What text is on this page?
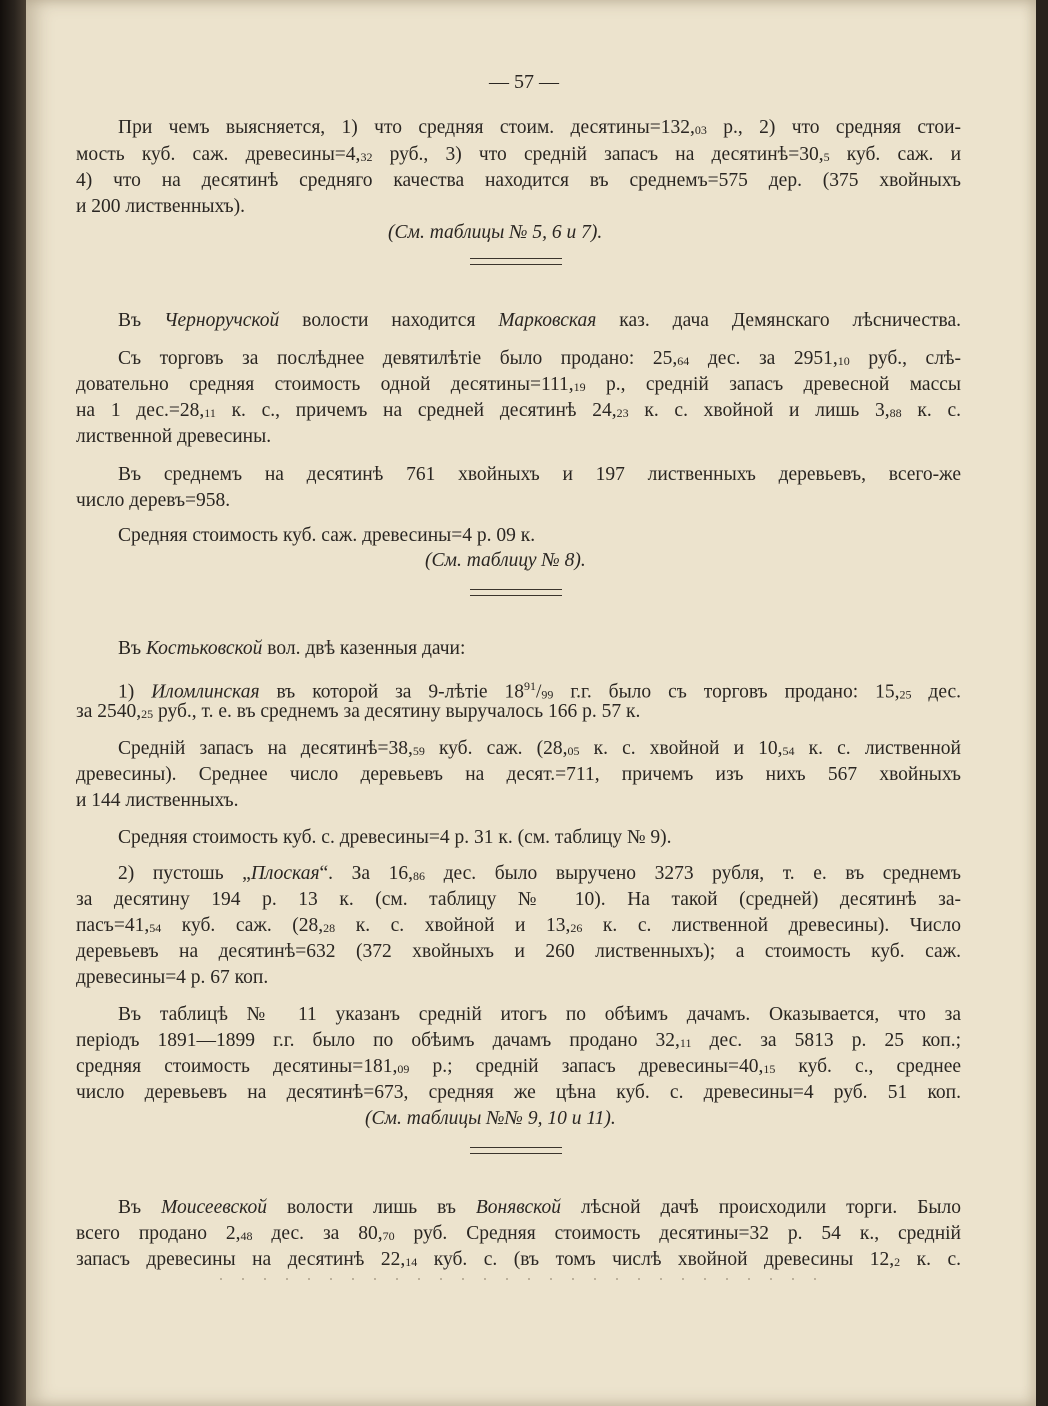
— 57 —
При чемъ выясняется, 1) что средняя стоим. $десятины=132,_{03}$ р., 2) что средняя стои-
мость куб. саж. $древесины=4,_{32}$ руб., 3) что средній запасъ на $десятинѣ=30,_5$ куб. саж. и
4) что на десятинѣ средняго качества находится въ среднемъ=575 дер. (375 хвойныхъ
и 200 лиственныхъ).
(См. таблицы № 5, 6 и 7).
Въ Черноручской волости находится Марковская каз. дача Демянскаго лѣсничества.
Съ торговъ за послѣднее девятилѣтіе было продано: $25,_{64}$ дес. за $2951,_{10}$ руб., слѣ-
довательно средняя стоимость одной $десятины=111,_{19}$ р., средній запасъ древесной массы
на 1 $дес.=28,_{11}$ к. с., причемъ на средней десятинѣ $24,_{23}$ к. с. хвойной и лишь $3,_{88}$ к. с.
лиственной древесины.
Въ среднемъ на десятинѣ 761 хвойныхъ и 197 лиственныхъ деревьевъ, всего-же
число деревъ=958.
Средняя стоимость куб. саж. древесины=4 р. 09 к.
(См. таблицу № 8).
Въ Костьковской вол. двѣ казенныя дачи:
1) Иломлинская въ которой за 9-лѣтіе $18^{91}/_{99}$ г.г. было съ торговъ продано: $15,_{25}$ дес.
за $2540,_{25}$ руб., т. е. въ среднемъ за десятину выручалось 166 р. 57 к.
Средній запасъ на $десятинѣ=38,_{59}$ куб. саж. ($28,_{05}$ к. с. хвойной и $10,_{54}$ к. с. лиственной
древесины). Среднее число деревьевъ на десят.=711, причемъ изъ нихъ 567 хвойныхъ
и 144 лиственныхъ.
Средняя стоимость куб. с. древесины=4 р. 31 к. (см. таблицу № 9).
2) пустошь „Плоская“. За $16,_{86}$ дес. было выручено 3273 рубля, т. е. въ среднемъ
за десятину 194 р. 13 к. (см. таблицу № 10). На такой (средней) десятинѣ за-
$пасъ=41,_{54}$ куб. саж. ($28,_{28}$ к. с. хвойной и $13,_{26}$ к. с. лиственной древесины). Число
деревьевъ на десятинѣ=632 (372 хвойныхъ и 260 лиственныхъ); а стоимость куб. саж.
древесины=4 р. 67 коп.
Въ таблицѣ № 11 указанъ средній итогъ по обѣимъ дачамъ. Оказывается, что за
періодъ 1891—1899 г.г. было по обѣимъ дачамъ продано $32,_{11}$ дес. за 5813 р. 25 коп.;
средняя стоимость $десятины=181,_{09}$ р.; средній запасъ $древесины=40,_{15}$ куб. с., среднее
число деревьевъ на десятинѣ=673, средняя же цѣна куб. с. древесины=4 руб. 51 коп.
(См. таблицы №№ 9, 10 и 11).
Въ Моисеевской волости лишь въ Вонявской лѣсной дачѣ происходили торги. Было
всего продано $2,_{48}$ дес. за $80,_{70}$ руб. Средняя стоимость десятины=32 р. 54 к., средній
запасъ древесины на десятинѣ $22,_{14}$ куб. с. (въ томъ числѣ хвойной древесины $12,_2$ к. с.
